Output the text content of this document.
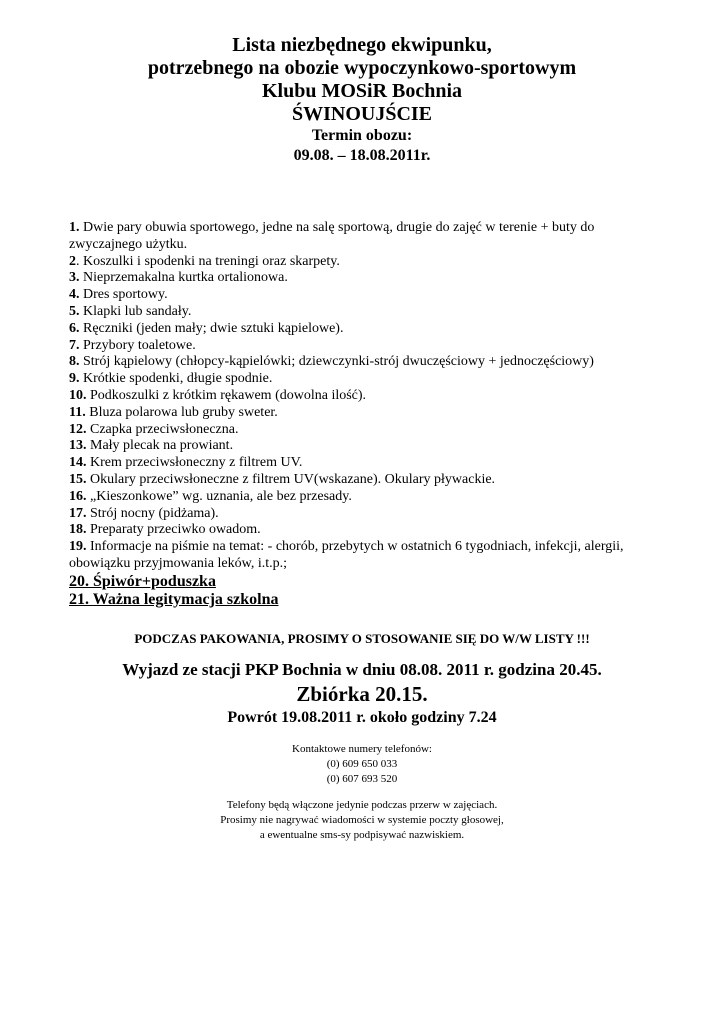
Lista niezbędnego ekwipunku,
potrzebnego na obozie wypoczynkowo-sportowym
Klubu MOSiR Bochnia
ŚWINOUJŚCIE
Termin obozu:
09.08. – 18.08.2011r.
1. Dwie pary obuwia sportowego, jedne na salę sportową, drugie do zajęć w terenie + buty do zwyczajnego użytku.
2. Koszulki i spodenki na treningi oraz skarpety.
3. Nieprzemakalna kurtka ortalionowa.
4. Dres sportowy.
5. Klapki lub sandały.
6. Ręczniki (jeden mały; dwie sztuki kąpielowe).
7. Przybory toaletowe.
8. Strój kąpielowy (chłopcy-kąpielówki; dziewczynki-strój dwuczęściowy + jednoczęściowy)
9. Krótkie spodenki, długie spodnie.
10. Podkoszulki z krótkim rękawem (dowolna ilość).
11. Bluza polarowa lub gruby sweter.
12. Czapka przeciwsłoneczna.
13. Mały plecak na prowiant.
14. Krem przeciwsłoneczny z filtrem UV.
15. Okulary przeciwsłoneczne z filtrem UV(wskazane). Okulary pływackie.
16. „Kieszonkowe” wg. uznania, ale bez przesady.
17. Strój nocny (pidżama).
18. Preparaty przeciwko owadom.
19. Informacje na piśmie na temat: - chorób, przebytych w ostatnich 6 tygodniach, infekcji, alergii, obowiązku przyjmowania leków, i.t.p.;
20. Śpiwór+poduszka
21. Ważna legitymacja szkolna
PODCZAS PAKOWANIA, PROSIMY O STOSOWANIE SIĘ DO W/W LISTY !!!
Wyjazd ze stacji PKP Bochnia w dniu 08.08. 2011 r. godzina 20.45.
Zbiórka 20.15.
Powrót 19.08.2011 r. około godziny 7.24
Kontaktowe numery telefonów:
(0) 609 650 033
(0) 607 693 520
Telefony będą włączone jedynie podczas przerw w zajęciach.
Prosimy nie nagrywać wiadomości w systemie poczty głosowej,
a ewentualne sms-sy podpisywać nazwiskiem.
